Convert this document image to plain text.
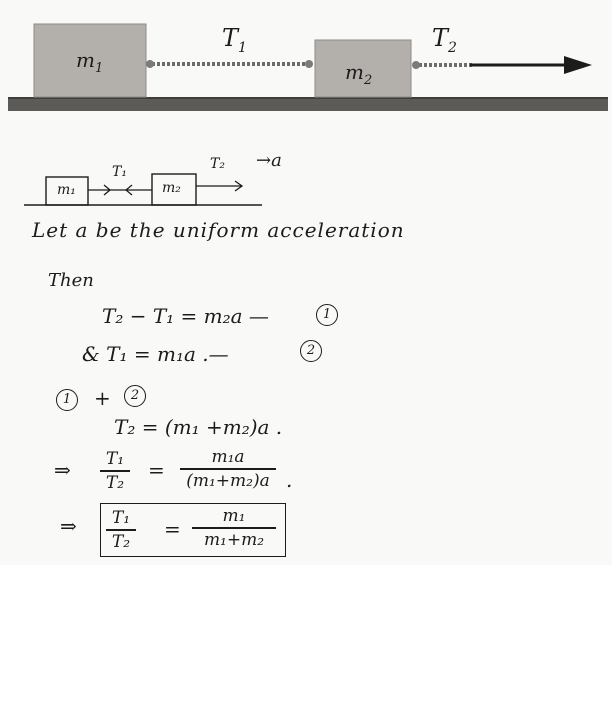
$m_1$	$m_2$
$T_1$	$T_2$
m₁	m₂
T₁	T₂ →a
Let a be the uniform acceleration
Then
T₂ − T₁ = m₂a —	1
& T₁ = m₁a .—	2
1	+	2
T₂ = (m₁ +m₂)a .
⇒	T₁
T₂
=
m₁a
(m₁+m₂)a .
⇒	T₁
T₂
=
m₁
m₁+m₂
